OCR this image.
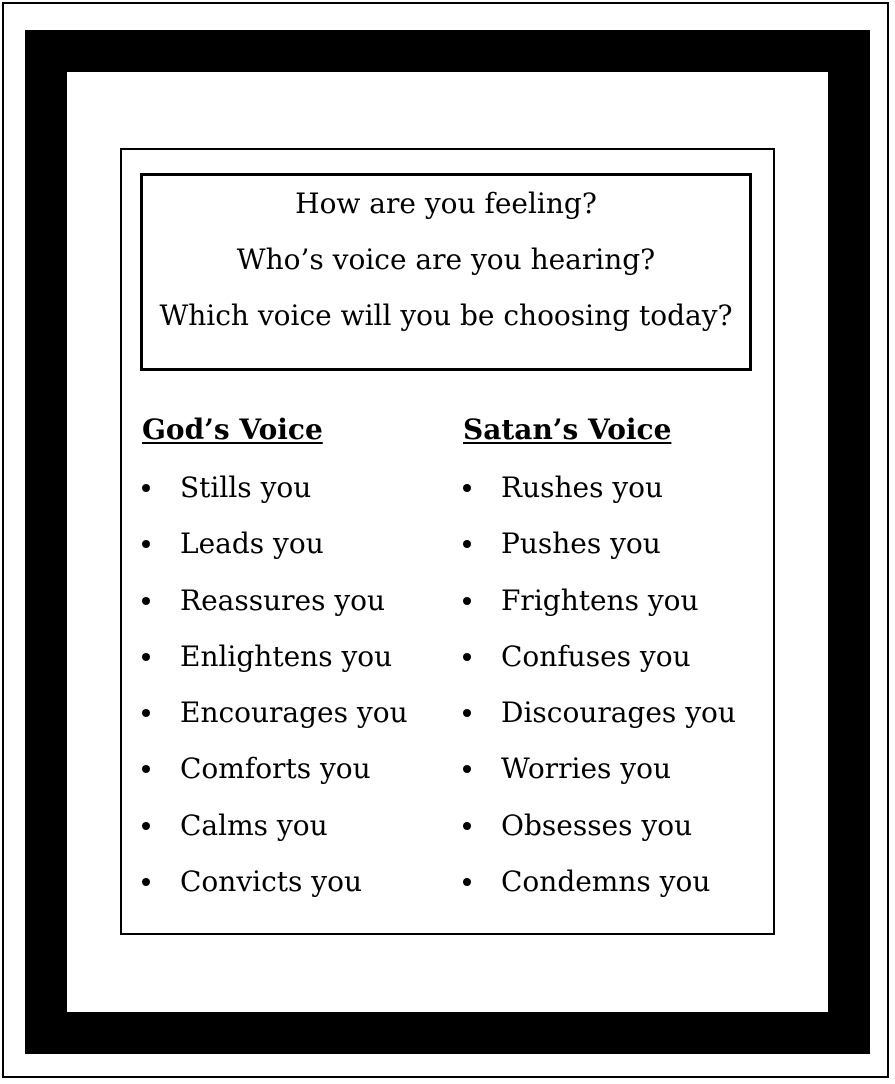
How are you feeling?
Who’s voice are you hearing?
Which voice will you be choosing today?
God’s Voice
Stills you
Leads you
Reassures you
Enlightens you
Encourages you
Comforts you
Calms you
Convicts you
Satan’s Voice
Rushes you
Pushes you
Frightens you
Confuses you
Discourages you
Worries you
Obsesses you
Condemns you
